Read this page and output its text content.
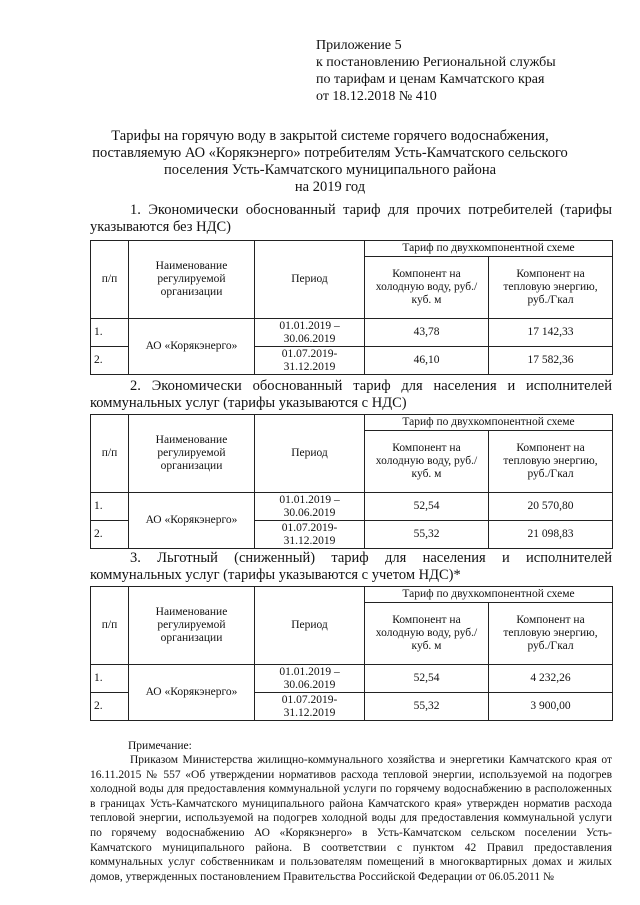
Приложение 5
к постановлению Региональной службы
по тарифам и ценам Камчатского края
от 18.12.2018 № 410
Тарифы на горячую воду в закрытой системе горячего водоснабжения,
поставляемую АО «Корякэнерго» потребителям Усть-Камчатского сельского
поселения Усть-Камчатского муниципального района
на 2019 год
1. Экономически обоснованный тариф для прочих потребителей (тарифы указываются без НДС)
п/п	Наименование регулируемой организации	Период	Тариф по двухкомпонентной схеме	
			Компонент на холодную воду, руб./куб. м	Компонент на тепловую энергию, руб./Гкал
1.	АО «Корякэнерго»	01.01.2019 – 30.06.2019	43,78	17 142,33
2.		01.07.2019- 31.12.2019	46,10	17 582,36
2. Экономически обоснованный тариф для населения и исполнителей коммунальных услуг (тарифы указываются с НДС)
п/п	Наименование регулируемой организации	Период	Тариф по двухкомпонентной схеме	
			Компонент на холодную воду, руб./куб. м	Компонент на тепловую энергию, руб./Гкал
1.	АО «Корякэнерго»	01.01.2019 – 30.06.2019	52,54	20 570,80
2.		01.07.2019- 31.12.2019	55,32	21 098,83
3. Льготный (сниженный) тариф для населения и исполнителей коммунальных услуг (тарифы указываются с учетом НДС)*
п/п	Наименование регулируемой организации	Период	Тариф по двухкомпонентной схеме	
			Компонент на холодную воду, руб./куб. м	Компонент на тепловую энергию, руб./Гкал
1.	АО «Корякэнерго»	01.01.2019 – 30.06.2019	52,54	4 232,26
2.		01.07.2019- 31.12.2019	55,32	3 900,00
Примечание:
Приказом Министерства жилищно-коммунального хозяйства и энергетики Камчатского края от 16.11.2015 № 557 «Об утверждении нормативов расхода тепловой энергии, используемой на подогрев холодной воды для предоставления коммунальной услуги по горячему водоснабжению в расположенных в границах Усть-Камчатского муниципального района Камчатского края» утвержден норматив расхода тепловой энергии, используемой на подогрев холодной воды для предоставления коммунальной услуги по горячему водоснабжению АО «Корякэнерго» в Усть-Камчатском сельском поселении Усть-Камчатского муниципального района. В соответствии с пунктом 42 Правил предоставления коммунальных услуг собственникам и пользователям помещений в многоквартирных домах и жилых домов, утвержденных постановлением Правительства Российской Федерации от 06.05.2011 №
